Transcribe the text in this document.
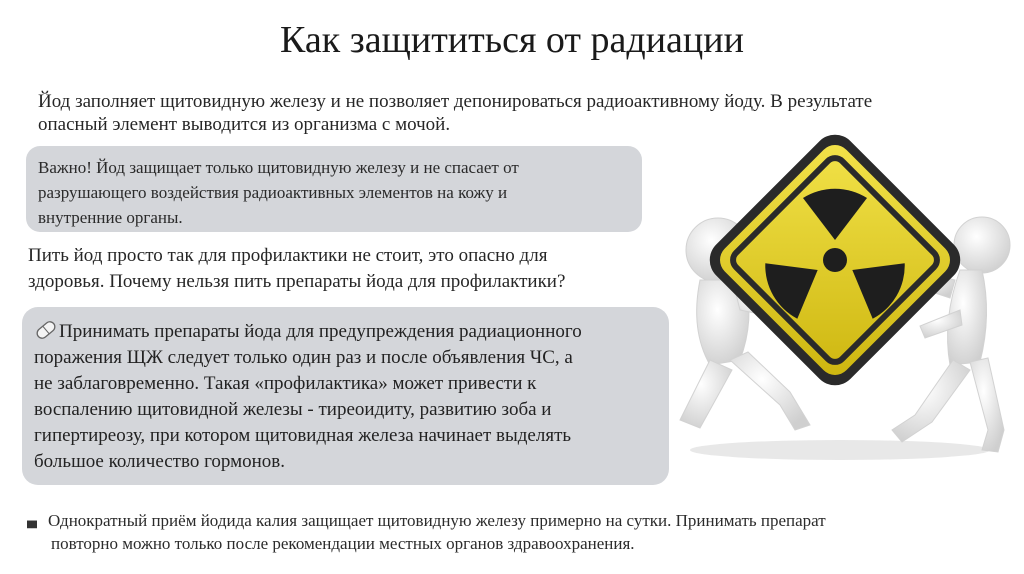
Как защититься от радиации
Йод заполняет щитовидную железу и не позволяет депонироваться радиоактивному йоду. В результате
опасный элемент выводится из организма с мочой.
Важно! Йод защищает только щитовидную железу и не спасает от
разрушающего воздействия радиоактивных элементов на кожу и
внутренние органы.
Пить йод просто так для профилактики не стоит, это опасно для
здоровья. Почему нельзя пить препараты йода для профилактики?
Принимать препараты йода для предупреждения радиационного
поражения ЩЖ следует только один раз и после объявления ЧС, а
не заблаговременно. Такая «профилактика» может привести к
воспалению щитовидной железы - тиреоидиту, развитию зоба и
гипертиреозу, при котором щитовидная железа начинает выделять
большое количество гормонов.
▗▖ Однократный приём йодида калия защищает щитовидную железу примерно на сутки. Принимать препарат
повторно можно только после рекомендации местных органов здравоохранения.
